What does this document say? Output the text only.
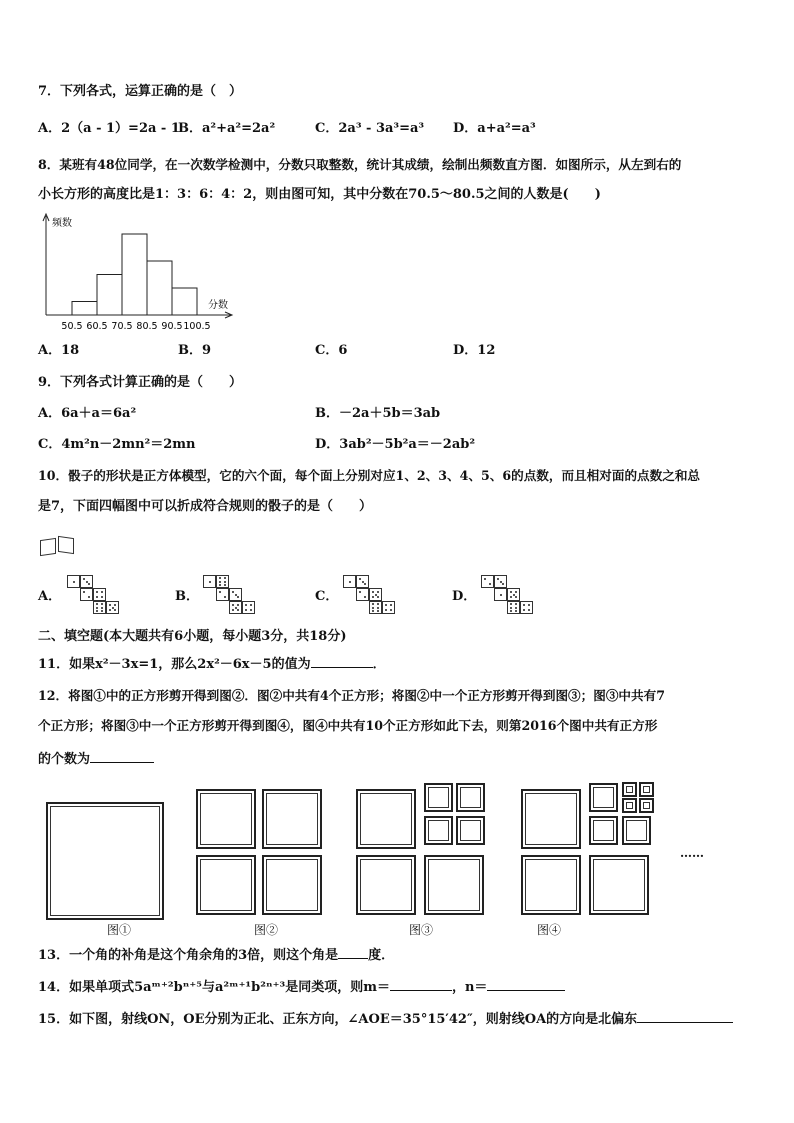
7．下列各式，运算正确的是（　）
A．2（a - 1）=2a - 1
B．a²+a²=2a²	C．2a³ - 3a³=a³ D．a+a²=a³
8．某班有48位同学，在一次数学检测中，分数只取整数，统计其成绩，绘制出频数直方图．如图所示，从左到右的
小长方形的高度比是1：3：6：4：2，则由图可知，其中分数在70.5～80.5之间的人数是(　　)
50.5 60.5 70.5 80.5 90.5 100.5
频数
分数
A．18	B．9	C．6	D．12
9．下列各式计算正确的是（　　）
A．6a＋a＝6a²	B．－2a＋5b＝3ab
C．4m²n－2mn²＝2mn	D．3ab²－5b²a＝－2ab²
10．骰子的形状是正方体模型，它的六个面，每个面上分别对应1、2、3、4、5、6的点数，而且相对面的点数之和总
是7，下面四幅图中可以折成符合规则的骰子的是（　　）
A．	B．	C．	D．
二、填空题(本大题共有6小题，每小题3分，共18分)
11．如果x²－3x=1，那么2x²－6x－5的值为	．
12．将图①中的正方形剪开得到图②．图②中共有4个正方形；将图②中一个正方形剪开得到图③；图③中共有7
个正方形；将图③中一个正方形剪开得到图④，图④中共有10个正方形如此下去，则第2016个图中共有正方形
的个数为
……
图①	图②	图③	图④
13．一个角的补角是这个角余角的3倍，则这个角是 度．
14．如果单项式5aᵐ⁺²bⁿ⁺⁵与a²ᵐ⁺¹b²ⁿ⁺³是同类项，则m＝	，n＝
15．如下图，射线ON，OE分别为正北、正东方向，∠AOE＝35°15′42″，则射线OA的方向是北偏东
